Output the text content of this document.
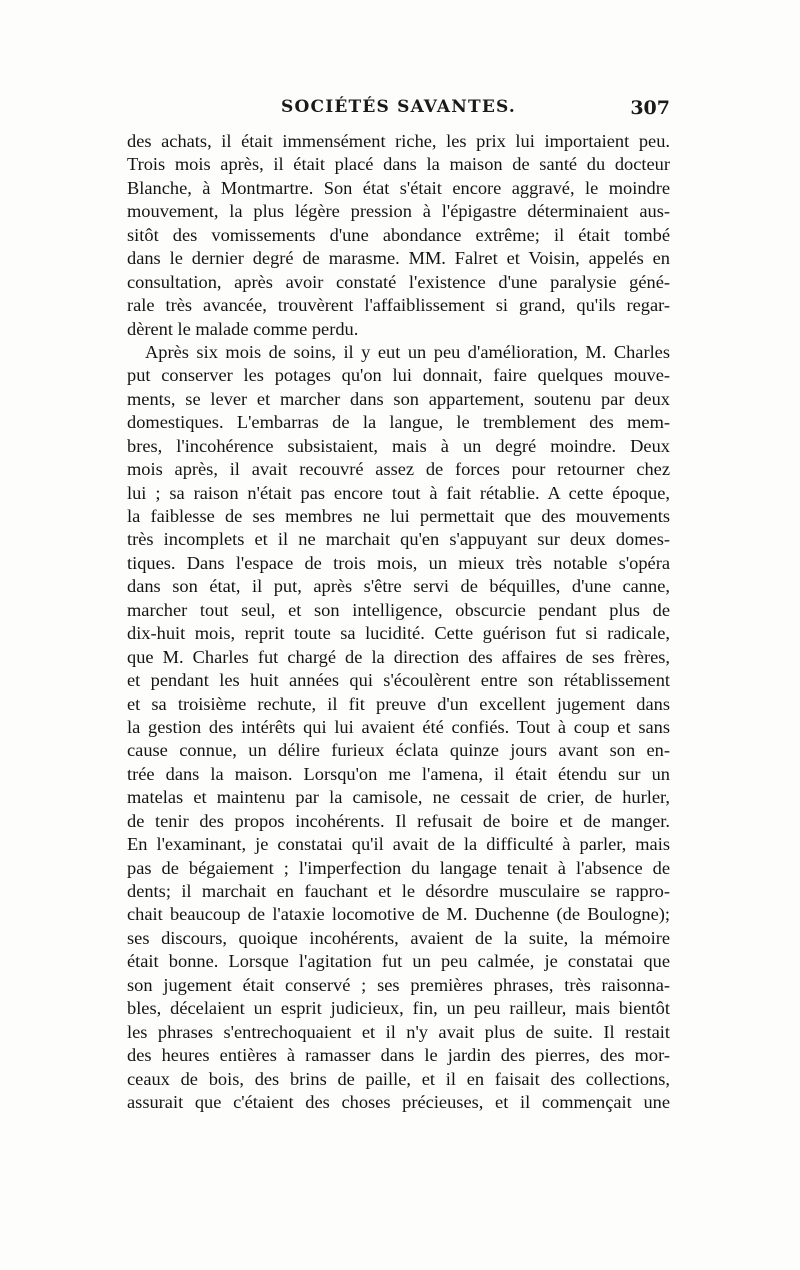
SOCIÉTÉS SAVANTES.	307
des achats, il était immensément riche, les prix lui importaient peu.
Trois mois après, il était placé dans la maison de santé du docteur
Blanche, à Montmartre. Son état s'était encore aggravé, le moindre
mouvement, la plus légère pression à l'épigastre déterminaient aus-
sitôt des vomissements d'une abondance extrême; il était tombé
dans le dernier degré de marasme. MM. Falret et Voisin, appelés en
consultation, après avoir constaté l'existence d'une paralysie géné-
rale très avancée, trouvèrent l'affaiblissement si grand, qu'ils regar-
dèrent le malade comme perdu.
Après six mois de soins, il y eut un peu d'amélioration, M. Charles
put conserver les potages qu'on lui donnait, faire quelques mouve-
ments, se lever et marcher dans son appartement, soutenu par deux
domestiques. L'embarras de la langue, le tremblement des mem-
bres, l'incohérence subsistaient, mais à un degré moindre. Deux
mois après, il avait recouvré assez de forces pour retourner chez
lui ; sa raison n'était pas encore tout à fait rétablie. A cette époque,
la faiblesse de ses membres ne lui permettait que des mouvements
très incomplets et il ne marchait qu'en s'appuyant sur deux domes-
tiques. Dans l'espace de trois mois, un mieux très notable s'opéra
dans son état, il put, après s'être servi de béquilles, d'une canne,
marcher tout seul, et son intelligence, obscurcie pendant plus de
dix-huit mois, reprit toute sa lucidité. Cette guérison fut si radicale,
que M. Charles fut chargé de la direction des affaires de ses frères,
et pendant les huit années qui s'écoulèrent entre son rétablissement
et sa troisième rechute, il fit preuve d'un excellent jugement dans
la gestion des intérêts qui lui avaient été confiés. Tout à coup et sans
cause connue, un délire furieux éclata quinze jours avant son en-
trée dans la maison. Lorsqu'on me l'amena, il était étendu sur un
matelas et maintenu par la camisole, ne cessait de crier, de hurler,
de tenir des propos incohérents. Il refusait de boire et de manger.
En l'examinant, je constatai qu'il avait de la difficulté à parler, mais
pas de bégaiement ; l'imperfection du langage tenait à l'absence de
dents; il marchait en fauchant et le désordre musculaire se rappro-
chait beaucoup de l'ataxie locomotive de M. Duchenne (de Boulogne);
ses discours, quoique incohérents, avaient de la suite, la mémoire
était bonne. Lorsque l'agitation fut un peu calmée, je constatai que
son jugement était conservé ; ses premières phrases, très raisonna-
bles, décelaient un esprit judicieux, fin, un peu railleur, mais bientôt
les phrases s'entrechoquaient et il n'y avait plus de suite. Il restait
des heures entières à ramasser dans le jardin des pierres, des mor-
ceaux de bois, des brins de paille, et il en faisait des collections,
assurait que c'étaient des choses précieuses, et il commençait une
